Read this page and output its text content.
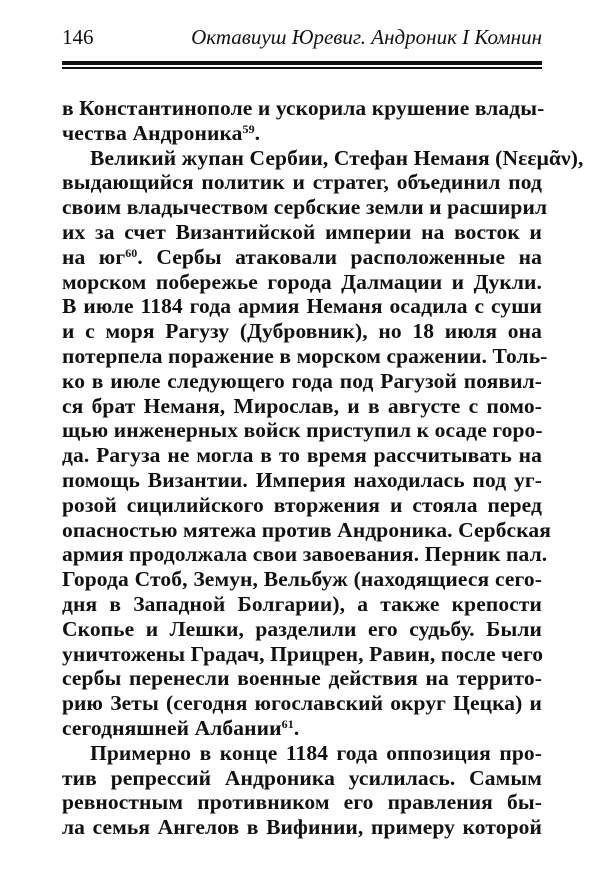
146	Октавиуш Юревиг. Андроник I Комнин
в Константинополе и ускорила крушение влады-
чества Андроника$^{59}$.
Великий жупан Сербии, Стефан Неманя (Νεεμᾶν),
выдающийся политик и стратег, объединил под
своим владычеством сербские земли и расширил
их за счет Византийской империи на восток и
на $юг^{60}$. Сербы атаковали расположенные на
морском побережье города Далмации и Дукли.
В июле 1184 года армия Неманя осадила с суши
и с моря Рагузу (Дубровник), но 18 июля она
потерпела поражение в морском сражении. Толь-
ко в июле следующего года под Рагузой появил-
ся брат Неманя, Мирослав, и в августе с помо-
щью инженерных войск приступил к осаде горо-
да. Рагуза не могла в то время рассчитывать на
помощь Византии. Империя находилась под уг-
розой сицилийского вторжения и стояла перед
опасностью мятежа против Андроника. Сербская
армия продолжала свои завоевания. Перник пал.
Города Стоб, Земун, Вельбуж (находящиеся сего-
дня в Западной Болгарии), а также крепости
Скопье и Лешки, разделили его судьбу. Были
уничтожены Градач, Прицрен, Равин, после чего
сербы перенесли военные действия на террито-
рию Зеты (сегодня югославский округ Цецка) и
сегодняшней Албании$^{61}$.
Примерно в конце 1184 года оппозиция про-
тив репрессий Андроника усилилась. Самым
ревностным противником его правления бы-
ла семья Ангелов в Вифинии, примеру которой
